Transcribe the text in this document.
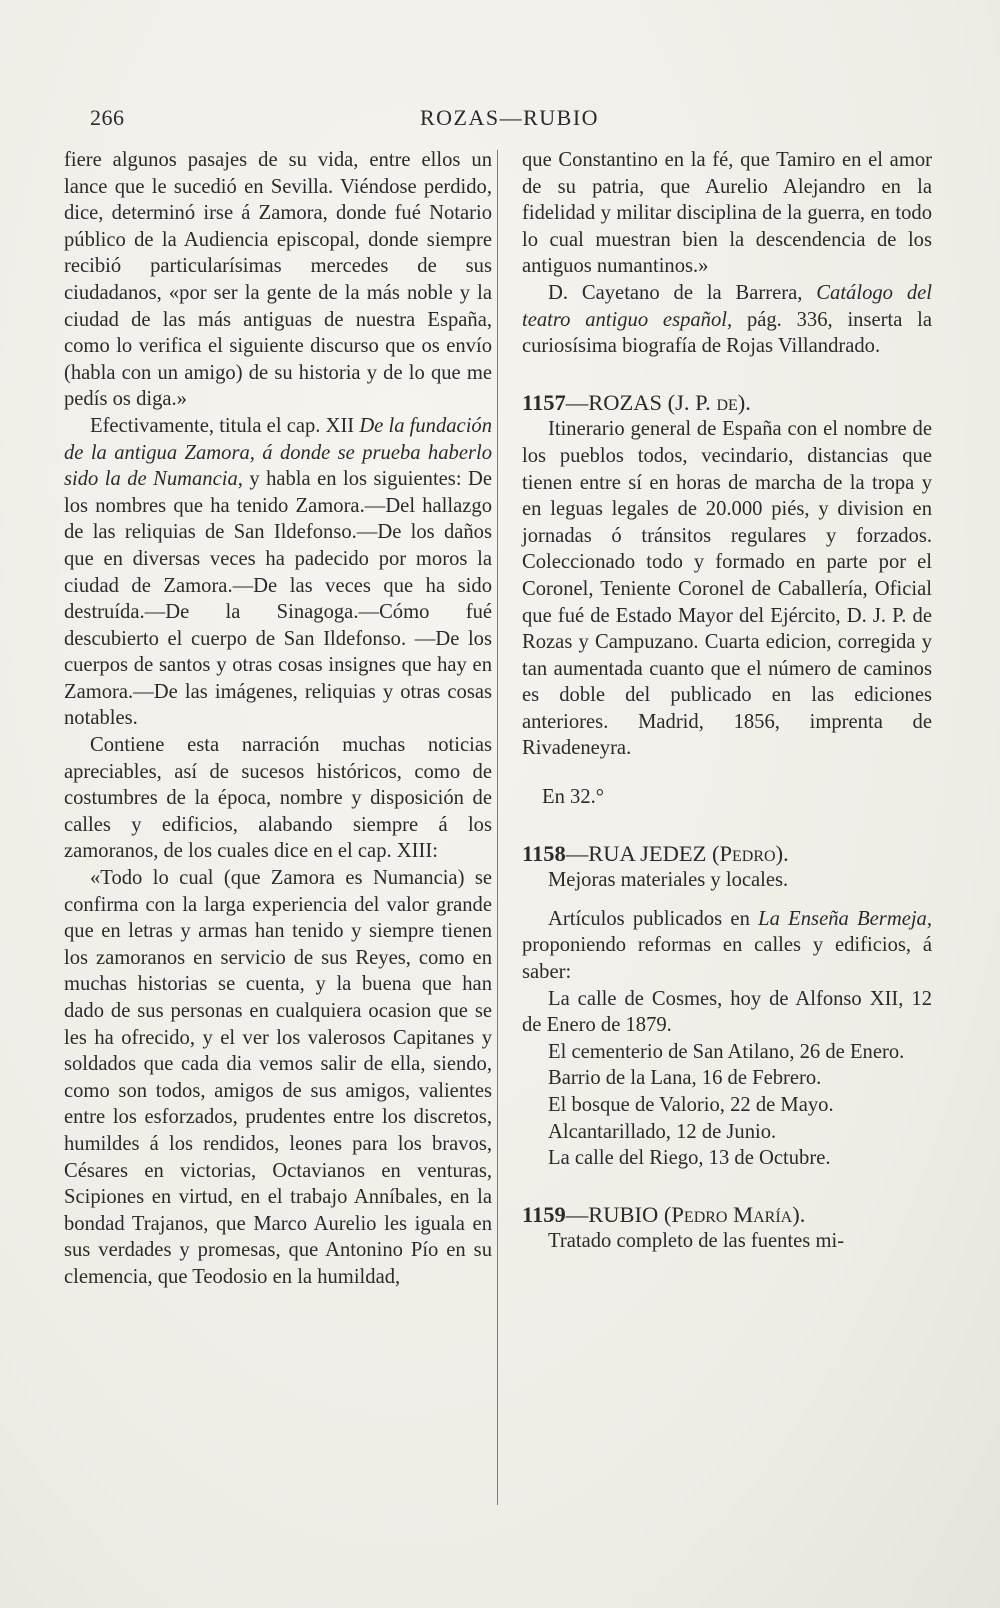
266	ROZAS—RUBIO

fiere algunos pasajes de su vida, entre ellos un lance que le sucedió en Sevilla. Viéndose perdido, dice, determinó irse á Zamora, donde fué Notario público de la Audiencia episcopal, donde siempre recibió particularísimas mercedes de sus ciudadanos, «por ser la gente de la más noble y la ciudad de las más antiguas de nuestra España, como lo verifica el siguiente discurso que os envío (habla con un amigo) de su historia y de lo que me pedís os diga.»

Efectivamente, titula el cap. XII De la fundación de la antigua Zamora, á donde se prueba haberlo sido la de Numancia, y habla en los siguientes: De los nombres que ha tenido Zamora.—Del hallazgo de las reliquias de San Ildefonso.—De los daños que en diversas veces ha padecido por moros la ciudad de Zamora.—De las veces que ha sido destruída.—De la Sinagoga.—Cómo fué descubierto el cuerpo de San Ildefonso. —De los cuerpos de santos y otras cosas insignes que hay en Zamora.—De las imágenes, reliquias y otras cosas notables.

Contiene esta narración muchas noticias apreciables, así de sucesos históricos, como de costumbres de la época, nombre y disposición de calles y edificios, alabando siempre á los zamoranos, de los cuales dice en el cap. XIII:

«Todo lo cual (que Zamora es Numancia) se confirma con la larga experiencia del valor grande que en letras y armas han tenido y siempre tienen los zamoranos en servicio de sus Reyes, como en muchas historias se cuenta, y la buena que han dado de sus personas en cualquiera ocasion que se les ha ofrecido, y el ver los valerosos Capitanes y soldados que cada dia vemos salir de ella, siendo, como son todos, amigos de sus amigos, valientes entre los esforzados, prudentes entre los discretos, humildes á los rendidos, leones para los bravos, Césares en victorias, Octavianos en venturas, Scipiones en virtud, en el trabajo Anníbales, en la bondad Trajanos, que Marco Aurelio les iguala en sus verdades y promesas, que Antonino Pío en su clemencia, que Teodosio en la humildad,

que Constantino en la fé, que Tamiro en el amor de su patria, que Aurelio Alejandro en la fidelidad y militar disciplina de la guerra, en todo lo cual muestran bien la descendencia de los antiguos numantinos.»

D. Cayetano de la Barrera, Catálogo del teatro antiguo español, pág. 336, inserta la curiosísima biografía de Rojas Villandrado.

1157—ROZAS (J. P. de).

Itinerario general de España con el nombre de los pueblos todos, vecindario, distancias que tienen entre sí en horas de marcha de la tropa y en leguas legales de 20.000 piés, y division en jornadas ó tránsitos regulares y forzados. Coleccionado todo y formado en parte por el Coronel, Teniente Coronel de Caballería, Oficial que fué de Estado Mayor del Ejército, D. J. P. de Rozas y Campuzano. Cuarta edicion, corregida y tan aumentada cuanto que el número de caminos es doble del publicado en las ediciones anteriores. Madrid, 1856, imprenta de Rivadeneyra.

En 32.°

1158—RUA JEDEZ (Pedro).

Mejoras materiales y locales.

Artículos publicados en La Enseña Bermeja, proponiendo reformas en calles y edificios, á saber:

La calle de Cosmes, hoy de Alfonso XII, 12 de Enero de 1879.

El cementerio de San Atilano, 26 de Enero.

Barrio de la Lana, 16 de Febrero.

El bosque de Valorio, 22 de Mayo.

Alcantarillado, 12 de Junio.

La calle del Riego, 13 de Octubre.

1159—RUBIO (Pedro María).

Tratado completo de las fuentes mi-
